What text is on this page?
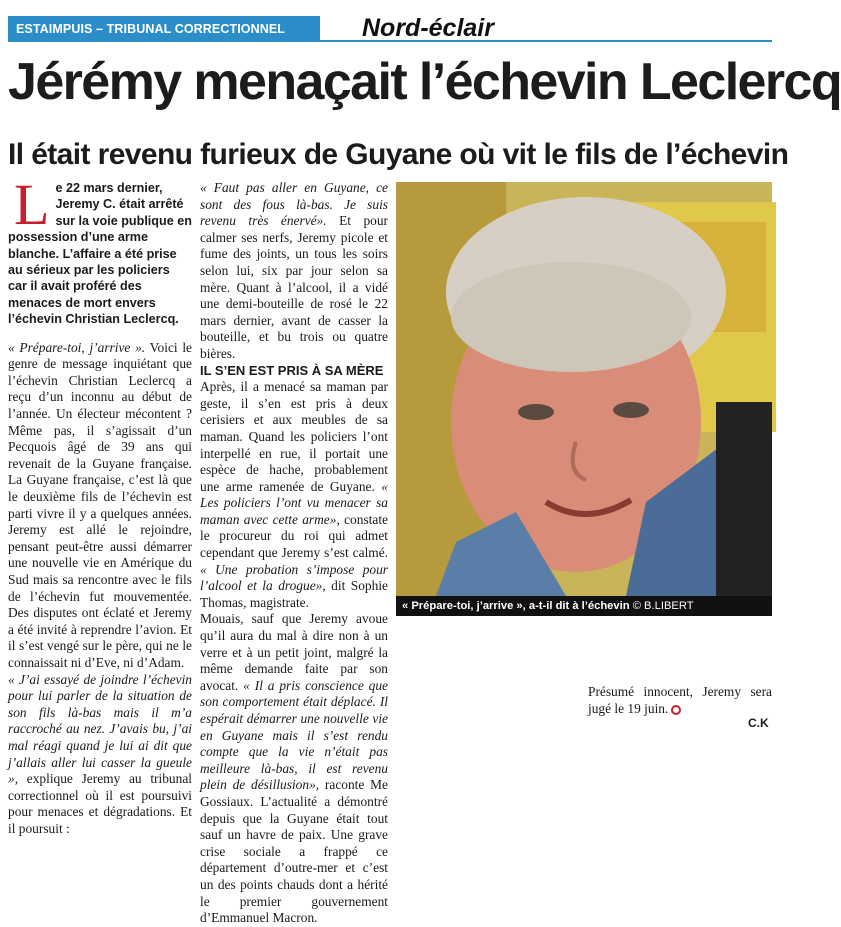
ESTAIMPUIS – TRIBUNAL CORRECTIONNEL	Nord-éclair
Jérémy menaçait l’échevin Leclercq
Il était revenu furieux de Guyane où vit le fils de l’échevin
L e 22 mars dernier, Jeremy C. était arrêté sur la voie publique en possession d’une arme blanche. L’affaire a été prise au sérieux par les policiers car il avait proféré des menaces de mort envers l’échevin Christian Leclercq.

« Prépare-toi, j’arrive ». Voici le genre de message inquiétant que l’échevin Christian Leclercq a reçu d’un inconnu au début de l’année. Un électeur mécontent ? Même pas, il s’agissait d’un Pecquois âgé de 39 ans qui revenait de la Guyane française. La Guyane française, c’est là que le deuxième fils de l’échevin est parti vivre il y a quelques années. Jeremy est allé le rejoindre, pensant peut-être aussi démarrer une nouvelle vie en Amérique du Sud mais sa rencontre avec le fils de l’échevin fut mouvementée. Des disputes ont éclaté et Jeremy a été invité à reprendre l’avion. Et il s’est vengé sur le père, qui ne le connaissait ni d’Eve, ni d’Adam.

« J’ai essayé de joindre l’échevin pour lui parler de la situation de son fils là-bas mais il m’a raccroché au nez. J’avais bu, j’ai mal réagi quand je lui ai dit que j’allais aller lui casser la gueule », explique Jeremy au tribunal correctionnel où il est poursuivi pour menaces et dégradations. Et il poursuit :

« Faut pas aller en Guyane, ce sont des fous là-bas. Je suis revenu très énervé». Et pour calmer ses nerfs, Jeremy picole et fume des joints, un tous les soirs selon lui, six par jour selon sa mère. Quant à l’alcool, il a vidé une demi-bouteille de rosé le 22 mars dernier, avant de casser la bouteille, et bu trois ou quatre bières.

IL S’EN EST PRIS À SA MÈRE

Après, il a menacé sa maman par geste, il s’en est pris à deux cerisiers et aux meubles de sa maman. Quand les policiers l’ont interpellé en rue, il portait une espèce de hache, probablement une arme ramenée de Guyane. « Les policiers l’ont vu menacer sa maman avec cette arme», constate le procureur du roi qui admet cependant que Jeremy s’est calmé. « Une probation s’impose pour l’alcool et la drogue», dit Sophie Thomas, magistrate.

Mouais, sauf que Jeremy avoue qu’il aura du mal à dire non à un verre et à un petit joint, malgré la même demande faite par son avocat. « Il a pris conscience que son comportement était déplacé. Il espérait démarrer une nouvelle vie en Guyane mais il s’est rendu compte que la vie n’était pas meilleure là-bas, il est revenu plein de désillusion», raconte Me Gossiaux. L’actualité a démontré depuis que la Guyane était tout sauf un havre de paix. Une grave crise sociale a frappé ce département d’outre-mer et c’est un des points chauds dont a hérité le premier gouvernement d’Emmanuel Macron.

Présumé innocent, Jeremy sera jugé le 19 juin.

« Prépare-toi, j’arrive », a-t-il dit à l’échevin © B.LIBERT
C.K
